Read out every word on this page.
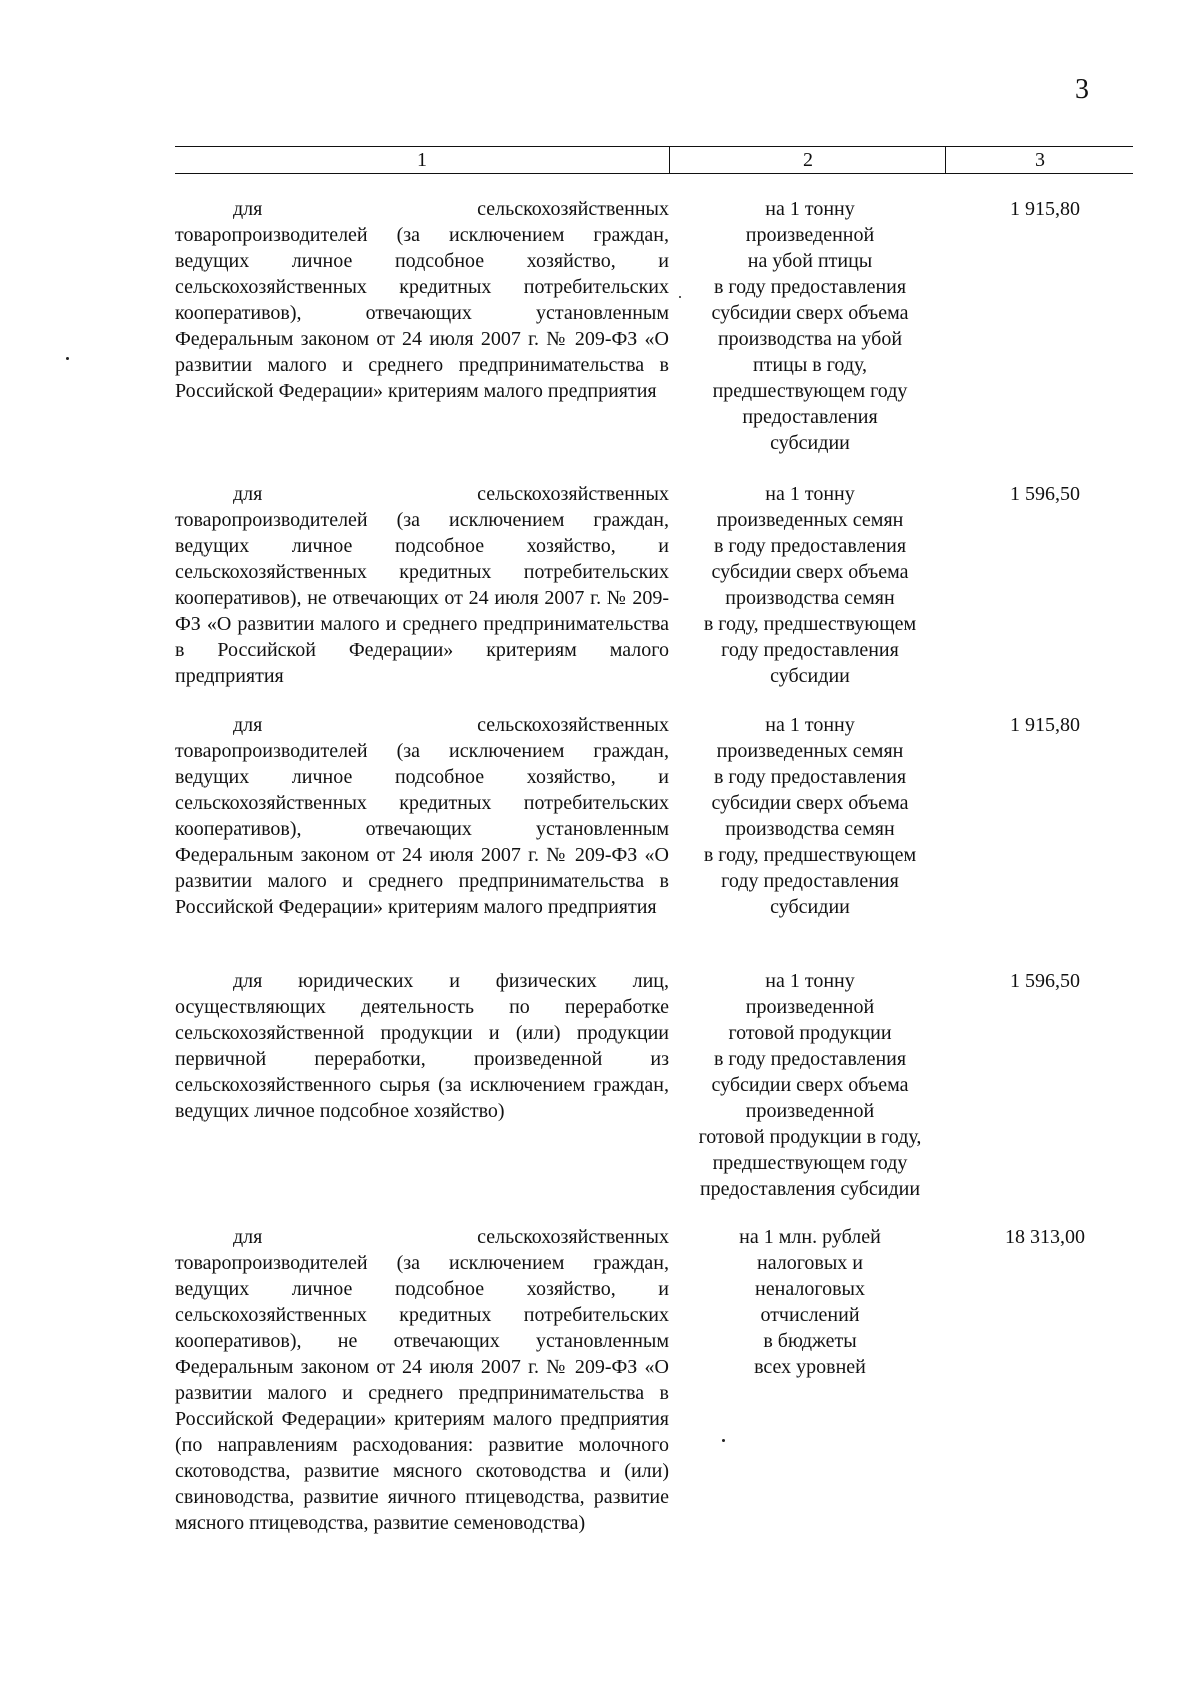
3
1	2	3
для сельскохозяйственных
товаропроизводителей (за исключением граждан, ведущих личное подсобное хозяйство, и сельскохозяйственных кредитных потребительских кооперативов), отвечающих установленным Федеральным законом от 24 июля 2007 г. № 209-ФЗ «О развитии малого и среднего предпринимательства в Российской Федерации» критериям малого предприятия
на 1 тонну
произведенной
на убой птицы
в году предоставления
субсидии сверх объема
производства на убой
птицы в году,
предшествующем году
предоставления
субсидии
1 915,80
для сельскохозяйственных
товаропроизводителей (за исключением граждан, ведущих личное подсобное хозяйство, и сельскохозяйственных кредитных потребительских кооперативов), не отвечающих от 24 июля 2007 г. № 209-ФЗ «О развитии малого и среднего предпринимательства в Российской Федерации» критериям малого предприятия
на 1 тонну
произведенных семян
в году предоставления
субсидии сверх объема
производства семян
в году, предшествующем
году предоставления
субсидии
1 596,50
для сельскохозяйственных
товаропроизводителей (за исключением граждан, ведущих личное подсобное хозяйство, и сельскохозяйственных кредитных потребительских кооперативов), отвечающих установленным Федеральным законом от 24 июля 2007 г. № 209-ФЗ «О развитии малого и среднего предпринимательства в Российской Федерации» критериям малого предприятия
на 1 тонну
произведенных семян
в году предоставления
субсидии сверх объема
производства семян
в году, предшествующем
году предоставления
субсидии
1 915,80
для юридических и физических лиц,
осуществляющих деятельность по переработке сельскохозяйственной продукции и (или) продукции первичной переработки, произведенной из сельскохозяйственного сырья (за исключением граждан, ведущих личное подсобное хозяйство)
на 1 тонну
произведенной
готовой продукции
в году предоставления
субсидии сверх объема
произведенной
готовой продукции в году,
предшествующем году
предоставления субсидии
1 596,50
для сельскохозяйственных
товаропроизводителей (за исключением граждан, ведущих личное подсобное хозяйство, и сельскохозяйственных кредитных потребительских кооперативов), не отвечающих установленным Федеральным законом от 24 июля 2007 г. № 209-ФЗ «О развитии малого и среднего предпринимательства в Российской Федерации» критериям малого предприятия (по направлениям расходования: развитие молочного скотоводства, развитие мясного скотоводства и (или) свиноводства, развитие яичного птицеводства, развитие мясного птицеводства, развитие семеноводства)
на 1 млн. рублей
налоговых и
неналоговых
отчислений
в бюджеты
всех уровней
18 313,00
